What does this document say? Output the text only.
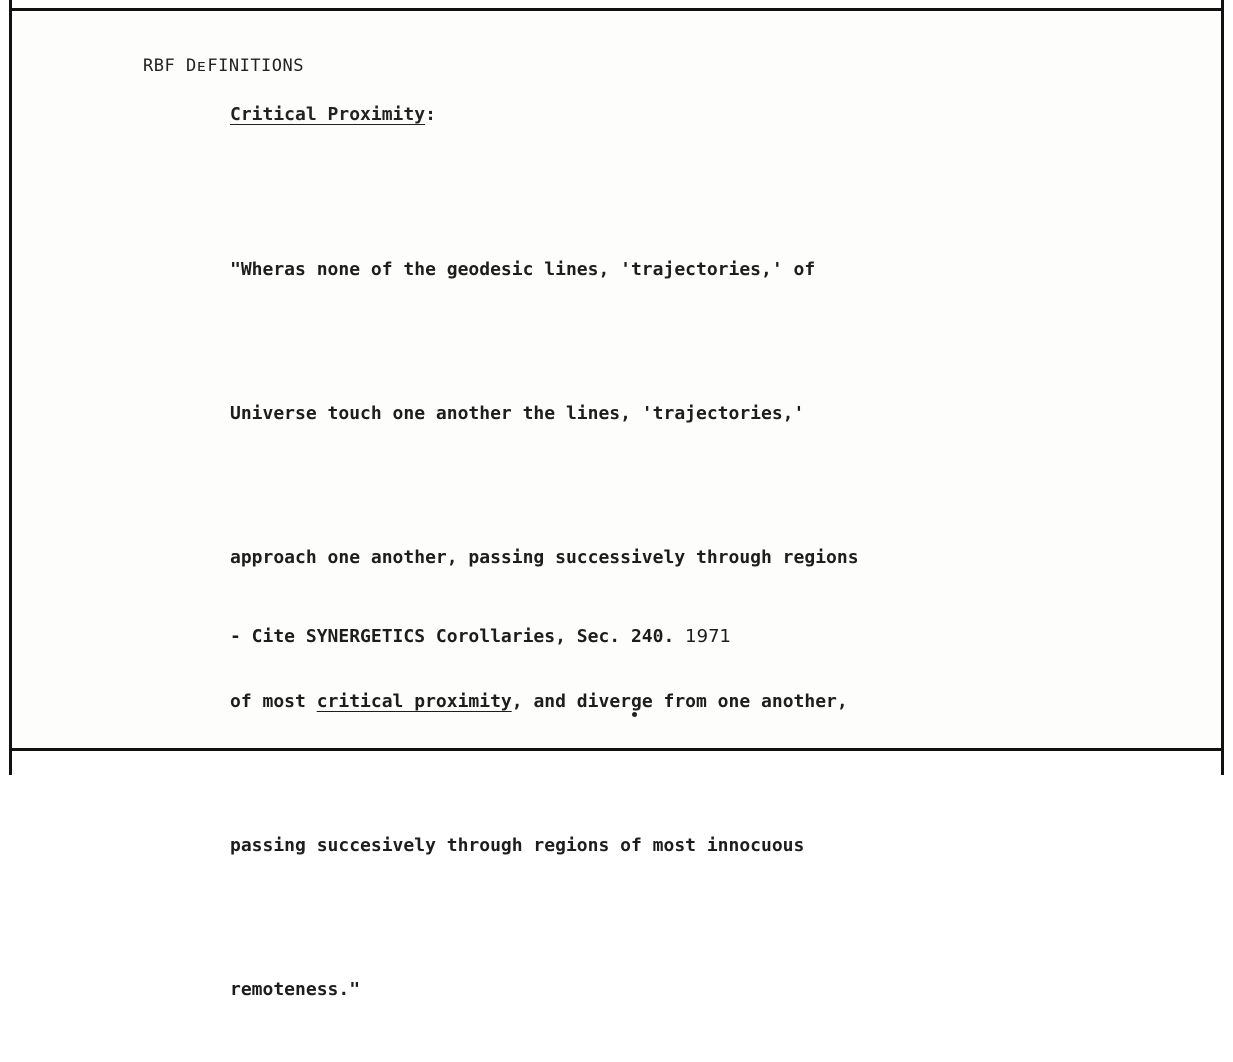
RBF DᴇFINITIONS
Critical Proximity:

"Wheras none of the geodesic lines, 'trajectories,' of

Universe touch one another the lines, 'trajectories,'

approach one another, passing successively through regions

of most critical proximity, and diverge from one another,

passing succesively through regions of most innocuous

remoteness."

- Cite SYNERGETICS Corollaries, Sec. 240. 1971
